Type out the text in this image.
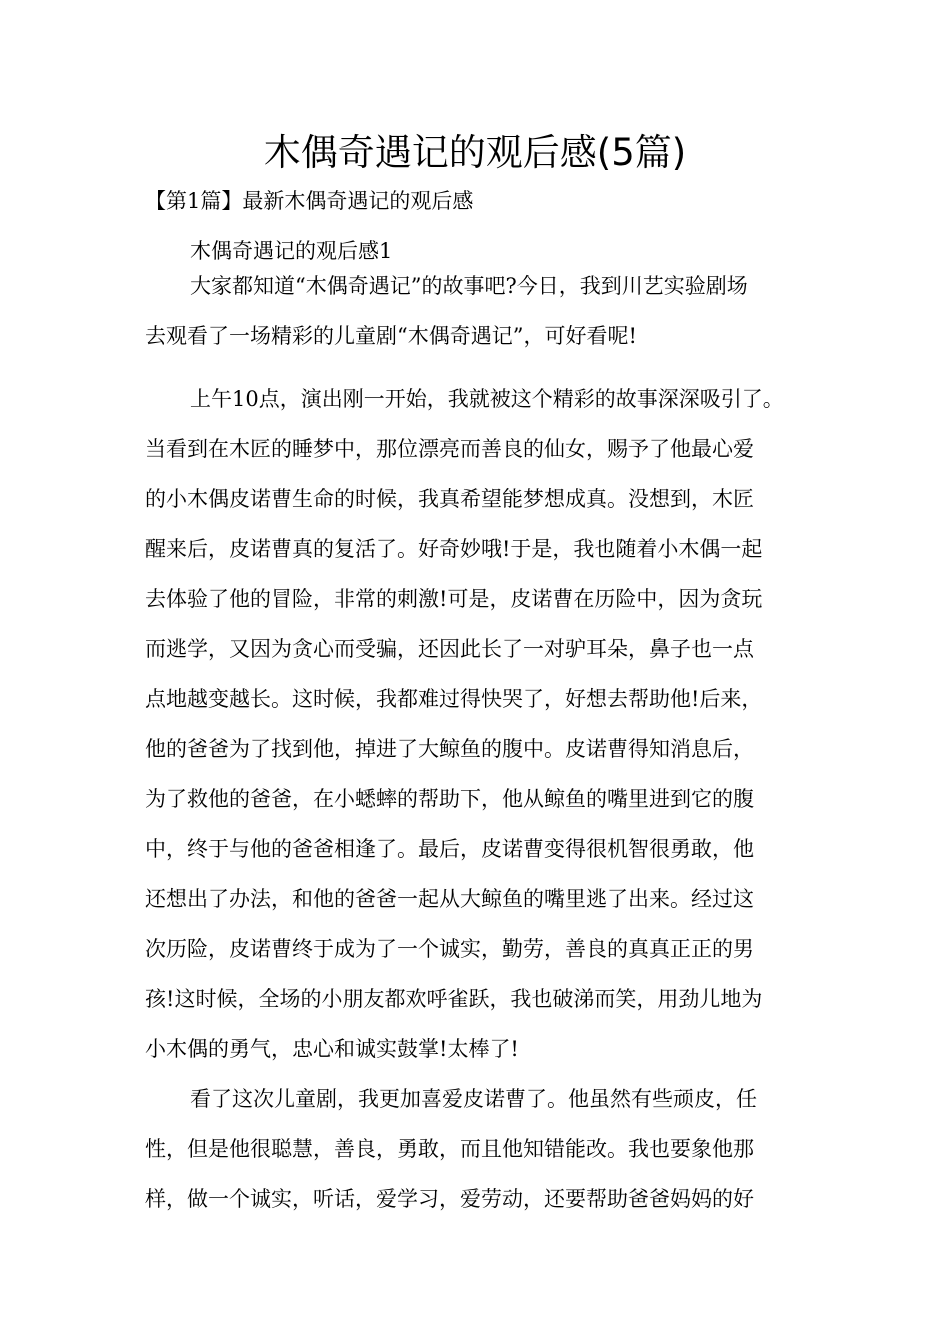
木偶奇遇记的观后感(5篇)

【第1篇】最新木偶奇遇记的观后感

木偶奇遇记的观后感1

大家都知道“木偶奇遇记”的故事吧?今日，我到川艺实验剧场
去观看了一场精彩的儿童剧“木偶奇遇记”，可好看呢!
上午10点，演出刚一开始，我就被这个精彩的故事深深吸引了。
当看到在木匠的睡梦中，那位漂亮而善良的仙女，赐予了他最心爱
的小木偶皮诺曹生命的时候，我真希望能梦想成真。没想到，木匠
醒来后，皮诺曹真的复活了。好奇妙哦!于是，我也随着小木偶一起
去体验了他的冒险，非常的刺激!可是，皮诺曹在历险中，因为贪玩
而逃学，又因为贪心而受骗，还因此长了一对驴耳朵，鼻子也一点
点地越变越长。这时候，我都难过得快哭了，好想去帮助他!后来，
他的爸爸为了找到他，掉进了大鲸鱼的腹中。皮诺曹得知消息后，
为了救他的爸爸，在小蟋蟀的帮助下，他从鲸鱼的嘴里进到它的腹
中，终于与他的爸爸相逢了。最后，皮诺曹变得很机智很勇敢，他
还想出了办法，和他的爸爸一起从大鲸鱼的嘴里逃了出来。经过这
次历险，皮诺曹终于成为了一个诚实，勤劳，善良的真真正正的男
孩!这时候，全场的小朋友都欢呼雀跃，我也破涕而笑，用劲儿地为
小木偶的勇气，忠心和诚实鼓掌!太棒了!
看了这次儿童剧，我更加喜爱皮诺曹了。他虽然有些顽皮，任
性，但是他很聪慧，善良，勇敢，而且他知错能改。我也要象他那
样，做一个诚实，听话，爱学习，爱劳动，还要帮助爸爸妈妈的好
